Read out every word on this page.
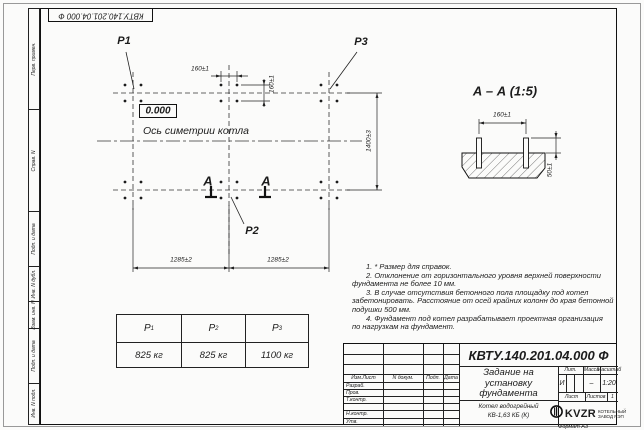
Перв. примен.
Справ. N
Подп. и дата
Инв. N дубл.
Взам. инв. N
Подп. и дата
Инв. N подл.
КВТУ.140.201.04.000 Ф
P1	P3
P2
0.000
Ось симетрии котла
160±1
160±1
1400±3
1285±2	1285±2
А	А
А – А (1:5)
160±1
50±1
1. * Размер для справок.
2. Отклонение от горизонтального уровня верхней поверхности
фундамента не более 10 мм.
3. В случае отсутствия бетонного пола площадку под котел
забетонировать. Расстояние от осей крайних колонн до края бетонной
подушки 500 мм.
4. Фундамент под котел разрабатывает проектная организация
по нагрузкам на фундамент.
P 1	P 2	P 3
825 кг	825 кг	1100 кг
Изм.Лист	N докум.	Подп. Дата
Разраб.
Пров.
Т.контр.
Н.контр.
Утв.
КВТУ.140.201.04.000 Ф
Задание на
установку
фундамента
Котел водогрейный
КВ-1,63 КБ (К)
Лит.	Масса
Масштаб
И	–	1:20
Лист	Листов	1
KVZR КОТЕЛЬНЫЙ
ЗАВОД РЭП
Формат А3
